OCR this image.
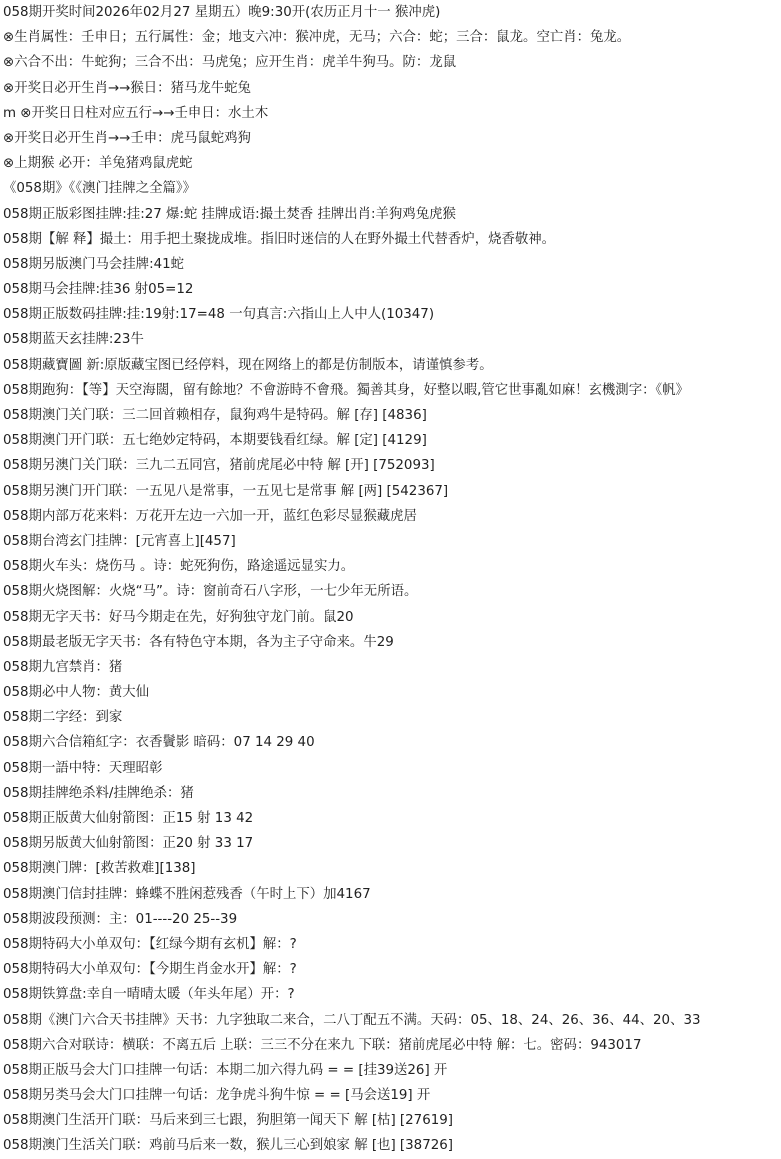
058期开奖时间2026年02月27 星期五）晚9:30开(农历正月十一 猴冲虎)
⊗生肖属性：壬申日；五行属性：金；地支六冲：猴冲虎，无马；六合：蛇；三合：鼠龙。空亡肖：兔龙。
⊗六合不出：牛蛇狗；三合不出：马虎兔；应开生肖：虎羊牛狗马。防：龙鼠
⊗开奖日必开生肖→→猴日：猪马龙牛蛇兔
m ⊗开奖日日柱对应五行→→壬申日：水土木
⊗开奖日必开生肖→→壬申：虎马鼠蛇鸡狗
⊗上期猴 必开：羊兔猪鸡鼠虎蛇
《058期》《《澳门挂牌之全篇》》
058期正版彩图挂牌:挂:27 爆:蛇 挂牌成语:撮土焚香 挂牌出肖:羊狗鸡兔虎猴
058期【解 释】撮土：用手把土聚拢成堆。指旧时迷信的人在野外撮土代替香炉，烧香敬神。
058期另版澳门马会挂牌:41蛇
058期马会挂牌:挂36 射05=12
058期正版数码挂牌:挂:19射:17=48 一句真言:六指山上人中人(10347)
058期蓝天玄挂牌:23牛
058期藏寶圖 新:原版藏宝图已经停料，现在网络上的都是仿制版本，请谨慎参考。
058期跑狗：【等】天空海闊，留有餘地？不會游時不會飛。獨善其身，好整以暇,管它世事亂如麻！玄機測字：《帆》
058期澳门关门联：三二回首赖相存，鼠狗鸡牛是特码。解 [存] [4836]
058期澳门开门联：五七绝妙定特码，本期要钱看红绿。解 [定] [4129]
058期另澳门关门联：三九二五同宫，猪前虎尾必中特 解 [开] [752093]
058期另澳门开门联：一五见八是常事，一五见七是常事 解 [两] [542367]
058期内部万花来料：万花开左边一六加一开，蓝红色彩尽显猴藏虎居
058期台湾玄门挂牌：[元宵喜上][457]
058期火车头：烧伤马 。诗：蛇死狗伤，路途遥远显实力。
058期火烧图解：火烧“马”。诗：窗前奇石八字形，一七少年无所语。
058期无字天书：好马今期走在先，好狗独守龙门前。鼠20
058期最老版无字天书：各有特色守本期，各为主子守命来。牛29
058期九宫禁肖：猪
058期必中人物：黄大仙
058期二字经：到家
058期六合信箱紅字：衣香鬢影 暗码：07 14 29 40
058期一語中特：天理昭彰
058期挂牌绝杀料/挂牌绝杀：猪
058期正版黄大仙射箭图：正15 射 13 42
058期另版黄大仙射箭图：正20 射 33 17
058期澳门牌：[救苦救难][138]
058期澳门信封挂牌：蜂蝶不胜闲惹残香（午时上下）加4167
058期波段预测：主：01----20 25--39
058期特码大小单双句：【红绿今期有玄机】解：?
058期特码大小单双句：【今期生肖金水开】解：?
058期铁算盘:幸自一晴晴太暖（年头年尾）开：?
058期《澳门六合天书挂牌》天书：九字独取二来合，二八丁配五不满。天码：05、18、24、26、36、44、20、33
058期六合对联诗：横联：不离五后 上联：三三不分在来九 下联：猪前虎尾必中特 解：七。密码：943017
058期正版马会大门口挂牌一句话：本期二加六得九码 = = [挂39送26] 开
058期另类马会大门口挂牌一句话：龙争虎斗狗牛惊 = = [马会送19] 开
058期澳门生活开门联：马后来到三七跟，狗胆第一闻天下 解 [枯] [27619]
058期澳门生活关门联：鸡前马后来一数，猴儿三心到娘家 解 [也] [38726]
